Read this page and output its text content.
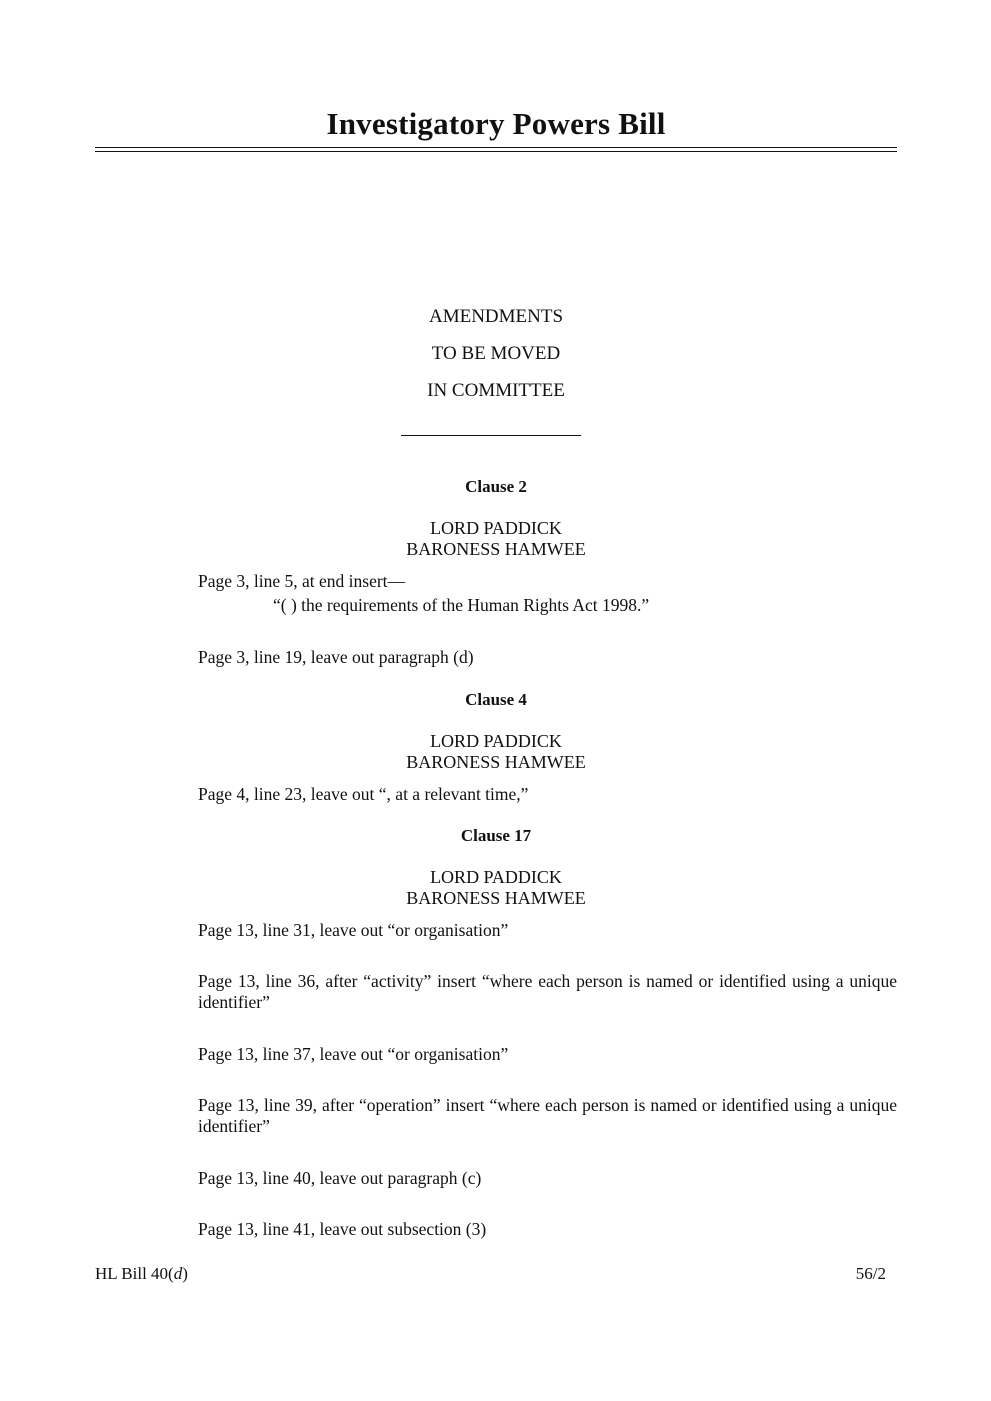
Investigatory Powers Bill
AMENDMENTS
TO BE MOVED
IN COMMITTEE
Clause 2
LORD PADDICK
BARONESS HAMWEE
Page 3, line 5, at end insert—
“( ) the requirements of the Human Rights Act 1998.”
Page 3, line 19, leave out paragraph (d)
Clause 4
LORD PADDICK
BARONESS HAMWEE
Page 4, line 23, leave out “, at a relevant time,”
Clause 17
LORD PADDICK
BARONESS HAMWEE
Page 13, line 31, leave out “or organisation”
Page 13, line 36, after “activity” insert “where each person is named or identified using a unique identifier”
Page 13, line 37, leave out “or organisation”
Page 13, line 39, after “operation” insert “where each person is named or identified using a unique identifier”
Page 13, line 40, leave out paragraph (c)
Page 13, line 41, leave out subsection (3)
HL Bill 40(d)	56/2
